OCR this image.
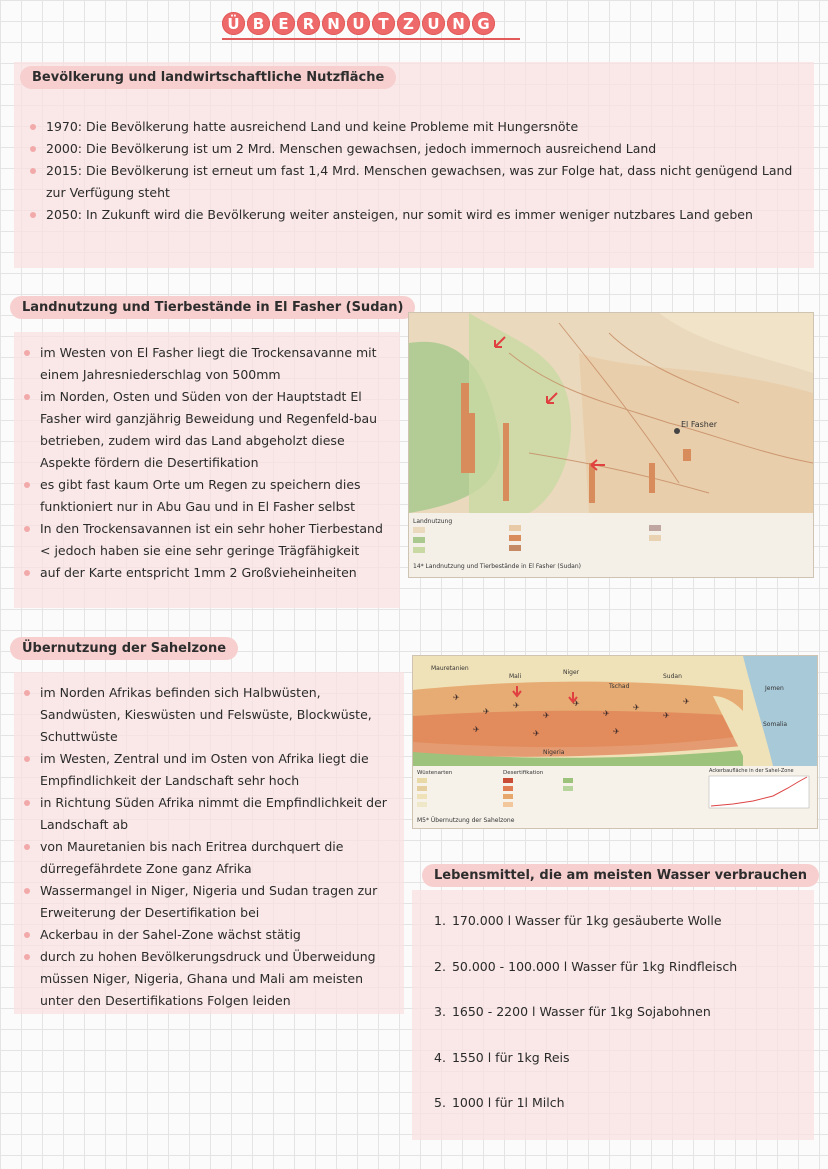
Ü B E R N U T Z U N G
Bevölkerung und landwirtschaftliche Nutzfläche
1970: Die Bevölkerung hatte ausreichend Land und keine Probleme mit Hungersnöte
2000: Die Bevölkerung ist um 2 Mrd. Menschen gewachsen, jedoch immernoch ausreichend Land
2015: Die Bevölkerung ist erneut um fast 1,4 Mrd. Menschen gewachsen, was zur Folge hat, dass nicht genügend Land zur Verfügung steht
2050: In Zukunft wird die Bevölkerung weiter ansteigen, nur somit wird es immer weniger nutzbares Land geben
Landnutzung und Tierbestände in El Fasher (Sudan)
im Westen von El Fasher liegt die Trockensavanne mit einem Jahresniederschlag von 500mm
im Norden, Osten und Süden von der Hauptstadt El Fasher wird ganzjährig Beweidung und Regenfeld-bau betrieben, zudem wird das Land abgeholzt diese Aspekte fördern die Desertifikation
es gibt fast kaum Orte um Regen zu speichern dies funktioniert nur in Abu Gau und in El Fasher selbst
In den Trockensavannen ist ein sehr hoher Tierbestand
< jedoch haben sie eine sehr geringe Trägfähigkeit
auf der Karte entspricht 1mm 2 Großvieheinheiten
El Fasher
Landnutzung
14* Landnutzung und Tierbestände in El Fasher (Sudan)
Übernutzung der Sahelzone
im Norden Afrikas befinden sich Halbwüsten, Sandwüsten, Kieswüsten und Felswüste, Blockwüste, Schuttwüste
im Westen, Zentral und im Osten von Afrika liegt die Empfindlichkeit der Landschaft sehr hoch
in Richtung Süden Afrika nimmt die Empfindlichkeit der Landschaft ab
von Mauretanien bis nach Eritrea durchquert die dürregefährdete Zone ganz Afrika
Wassermangel in Niger, Nigeria und Sudan tragen zur Erweiterung der Desertifikation bei
Ackerbau in der Sahel-Zone wächst stätig
durch zu hohen Bevölkerungsdruck und Überweidung müssen Niger, Nigeria, Ghana und Mali am meisten unter den Desertifikations Folgen leiden
✈
✈
✈
✈
✈
✈
✈
✈
✈
✈	✈	✈
Mauretanien
Mali
Niger
Tschad
Sudan
Nigeria
Jemen
Somalia
Wüstenarten	Desertifikation	Ackerbaufläche in der Sahel-Zone
M5* Übernutzung der Sahelzone
Lebensmittel, die am meisten Wasser verbrauchen
1. 170.000 l Wasser für 1kg gesäuberte Wolle
2. 50.000 - 100.000 l Wasser für 1kg Rindfleisch
3. 1650 - 2200 l Wasser für 1kg Sojabohnen
4. 1550 l für 1kg Reis
5. 1000 l für 1l Milch
